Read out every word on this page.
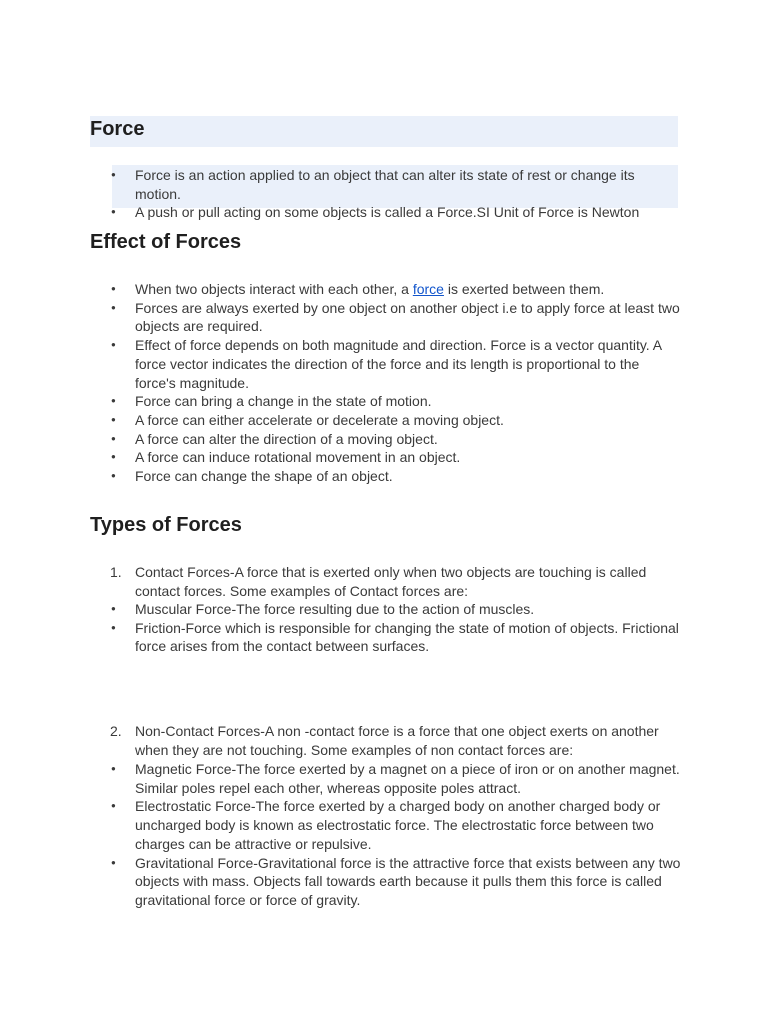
Force
● Force is an action applied to an object that can alter its state of rest or change its motion.
● A push or pull acting on some objects is called a Force.SI Unit of Force is Newton
Effect of Forces
● When two objects interact with each other, a force is exerted between them.
● Forces are always exerted by one object on another object i.e to apply force at least two objects are required.
● Effect of force depends on both magnitude and direction. Force is a vector quantity. A force vector indicates the direction of the force and its length is proportional to the force's magnitude.
● Force can bring a change in the state of motion.
● A force can either accelerate or decelerate a moving object.
● A force can alter the direction of a moving object.
● A force can induce rotational movement in an object.
● Force can change the shape of an object.
Types of Forces
1. Contact Forces-A force that is exerted only when two objects are touching is called contact forces. Some examples of Contact forces are:
● Muscular Force-The force resulting due to the action of muscles.
● Friction-Force which is responsible for changing the state of motion of objects. Frictional force arises from the contact between surfaces.
2. Non-Contact Forces-A non -contact force is a force that one object exerts on another when they are not touching. Some examples of non contact forces are:
● Magnetic Force-The force exerted by a magnet on a piece of iron or on another magnet. Similar poles repel each other, whereas opposite poles attract.
● Electrostatic Force-The force exerted by a charged body on another charged body or uncharged body is known as electrostatic force. The electrostatic force between two charges can be attractive or repulsive.
● Gravitational Force-Gravitational force is the attractive force that exists between any two objects with mass. Objects fall towards earth because it pulls them this force is called gravitational force or force of gravity.
